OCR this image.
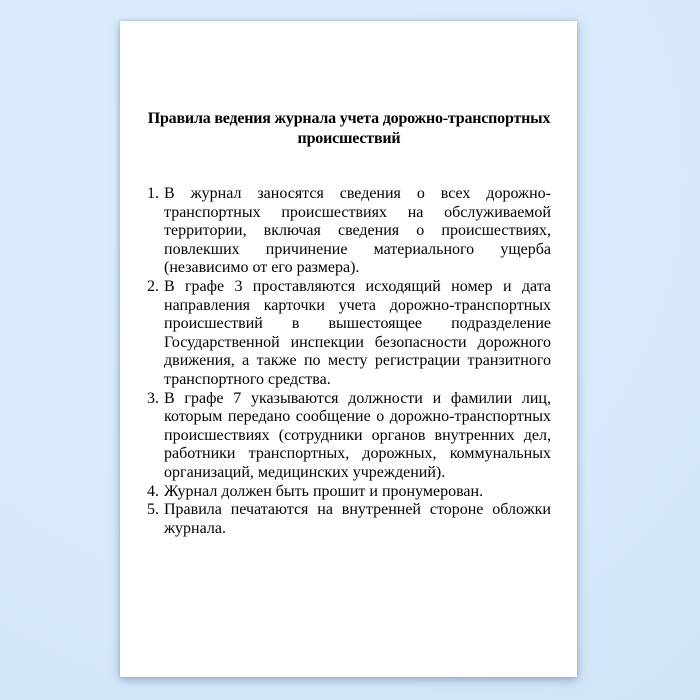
Правила ведения журнала учета дорожно-транспортных
происшествий
1. В журнал заносятся сведения о всех дорожно-транспортных происшествиях на обслуживаемой территории, включая сведения о происшествиях, повлекших причинение материального ущерба (независимо от его размера).
2. В графе 3 проставляются исходящий номер и дата направления карточки учета дорожно-транспортных происшествий в вышестоящее подразделение Государственной инспекции безопасности дорожного движения, а также по месту регистрации транзитного транспортного средства.
3. В графе 7 указываются должности и фамилии лиц, которым передано сообщение о дорожно-транспортных происшествиях (сотрудники органов внутренних дел, работники транспортных, дорожных, коммунальных организаций, медицинских учреждений).
4. Журнал должен быть прошит и пронумерован.
5. Правила печатаются на внутренней стороне обложки журнала.
